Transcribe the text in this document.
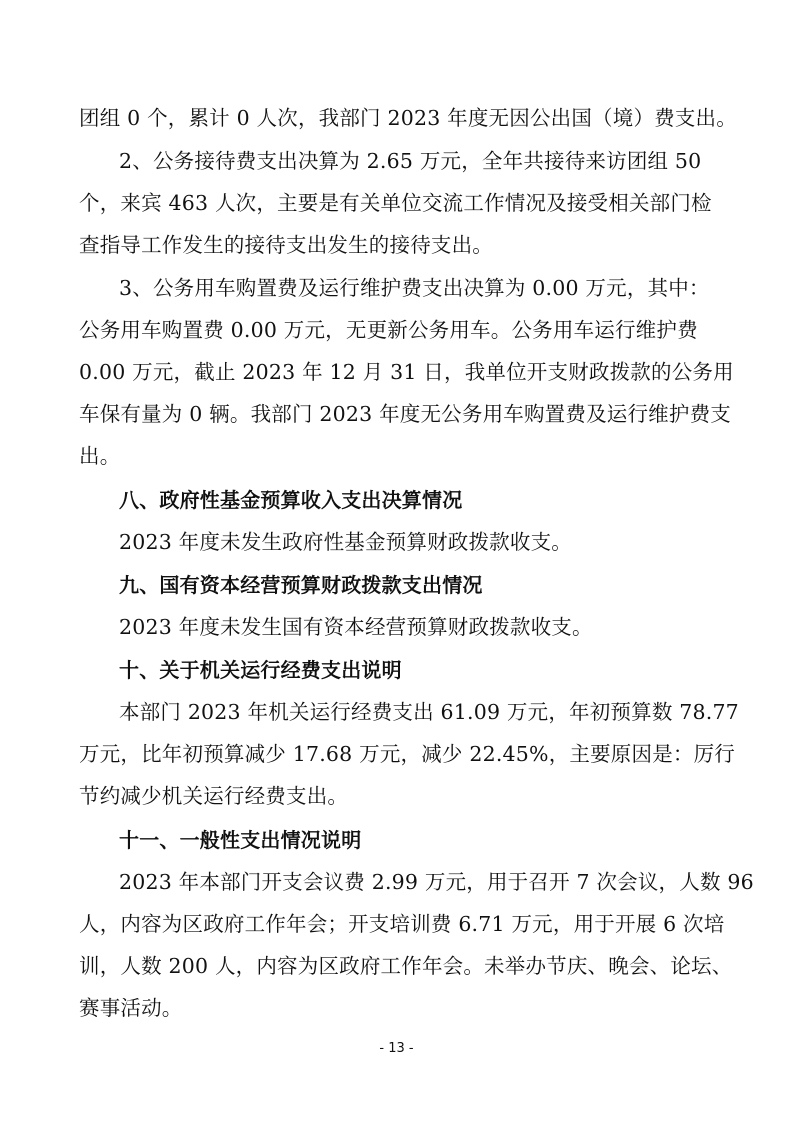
团组 0 个，累计 0 人次，我部门 2023 年度无因公出国（境）费支出。
2、公务接待费支出决算为 2.65 万元，全年共接待来访团组 50
个，来宾 463 人次，主要是有关单位交流工作情况及接受相关部门检
查指导工作发生的接待支出发生的接待支出。
3、公务用车购置费及运行维护费支出决算为 0.00 万元，其中：
公务用车购置费 0.00 万元，无更新公务用车。公务用车运行维护费
0.00 万元，截止 2023 年 12 月 31 日，我单位开支财政拨款的公务用
车保有量为 0 辆。我部门 2023 年度无公务用车购置费及运行维护费支
出。
八、政府性基金预算收入支出决算情况
2023 年度未发生政府性基金预算财政拨款收支。
九、国有资本经营预算财政拨款支出情况
2023 年度未发生国有资本经营预算财政拨款收支。
十、关于机关运行经费支出说明
本部门 2023 年机关运行经费支出 61.09 万元，年初预算数 78.77
万元，比年初预算减少 17.68 万元，减少 22.45%，主要原因是：厉行
节约减少机关运行经费支出。
十一、一般性支出情况说明
2023 年本部门开支会议费 2.99 万元，用于召开 7 次会议，人数 96
人，内容为区政府工作年会；开支培训费 6.71 万元，用于开展 6 次培
训，人数 200 人，内容为区政府工作年会。未举办节庆、晚会、论坛、
赛事活动。
- 13 -
